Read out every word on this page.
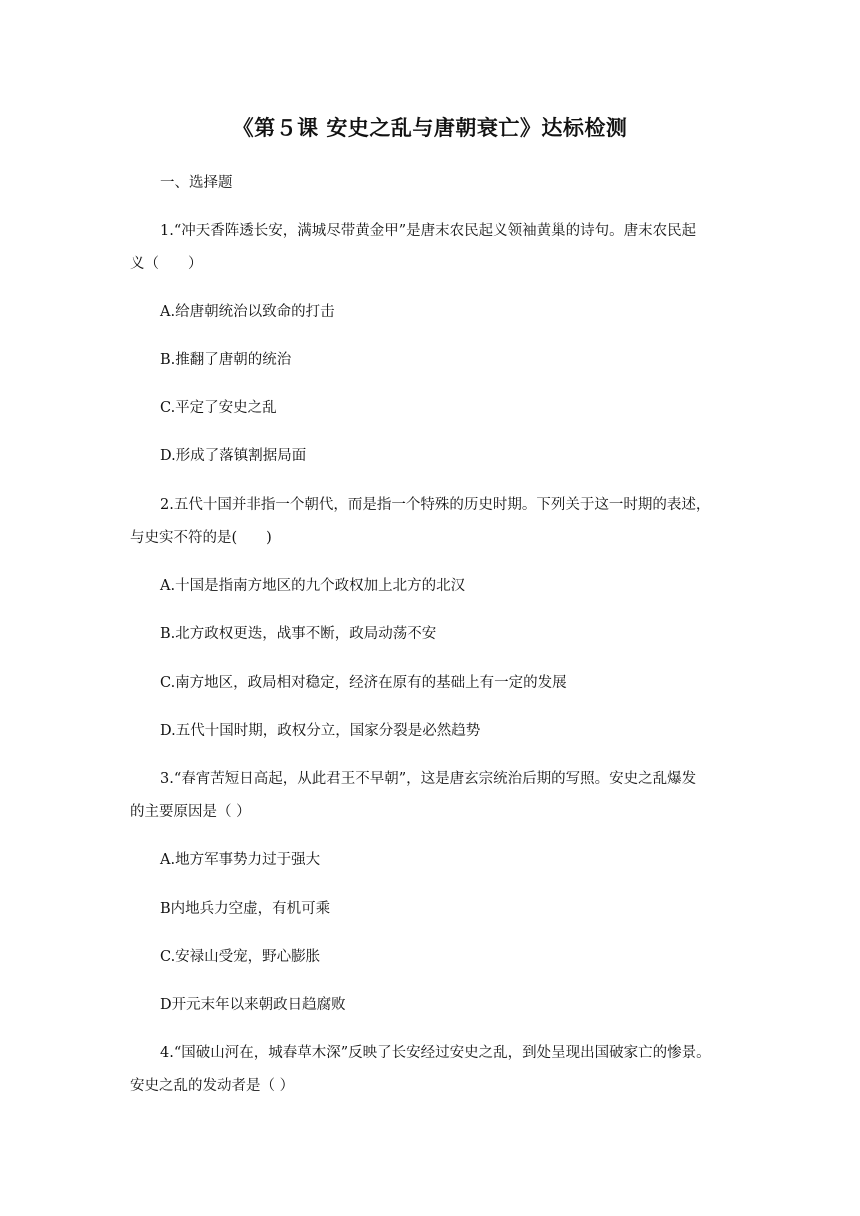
《第５课 安史之乱与唐朝衰亡》达标检测
一、选择题
1.“冲天香阵透长安，满城尽带黄金甲”是唐末农民起义领袖黄巢的诗句。唐末农民起
义（　　）
A.给唐朝统治以致命的打击
B.推翻了唐朝的统治
C.平定了安史之乱
D.形成了落镇割据局面
2.五代十国并非指一个朝代，而是指一个特殊的历史时期。下列关于这一时期的表述，
与史实不符的是(　　)
A.十国是指南方地区的九个政权加上北方的北汉
B.北方政权更迭，战事不断，政局动荡不安
C.南方地区，政局相对稳定，经济在原有的基础上有一定的发展
D.五代十国时期，政权分立，国家分裂是必然趋势
3.“春宵苦短日高起，从此君王不早朝”，这是唐玄宗统治后期的写照。安史之乱爆发
的主要原因是（ ）
A.地方军事势力过于强大
B内地兵力空虚，有机可乘
C.安禄山受宠，野心膨胀
D开元末年以来朝政日趋腐败
4.“国破山河在，城春草木深”反映了长安经过安史之乱，到处呈现出国破家亡的惨景。
安史之乱的发动者是（ ）
